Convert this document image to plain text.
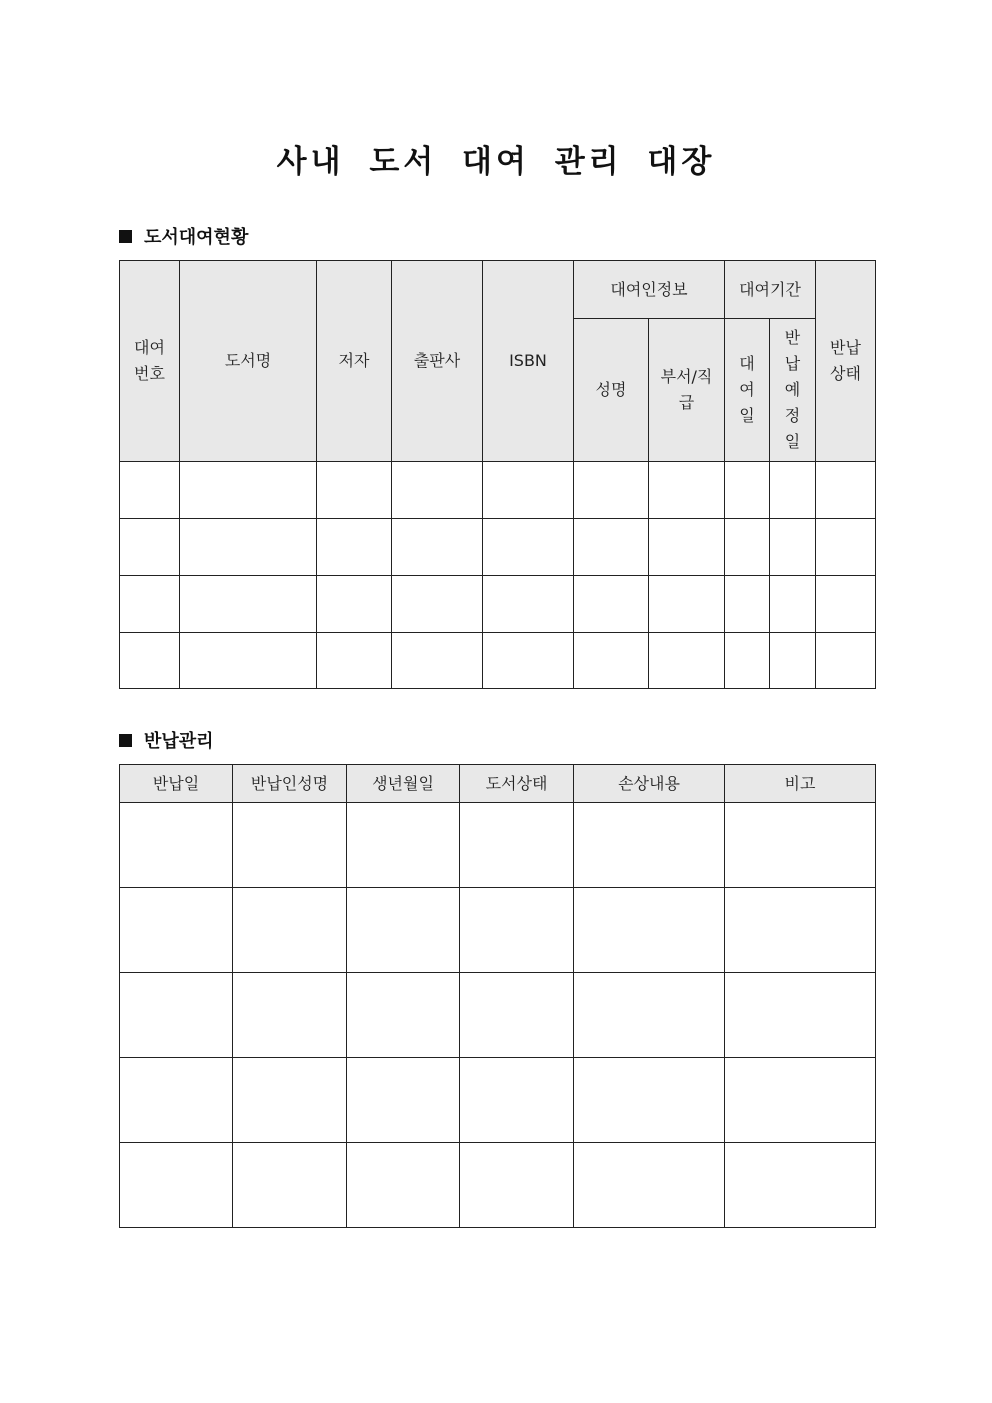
사내 도서 대여 관리 대장
도서대여현황
대여번호	도서명	저자	출판사	ISBN	대여인정보		대여기간		반납상태
					성명	부서/직급	대여일	반납예정일	

반납관리
반납일	반납인성명	생년월일	도서상태	손상내용	비고
